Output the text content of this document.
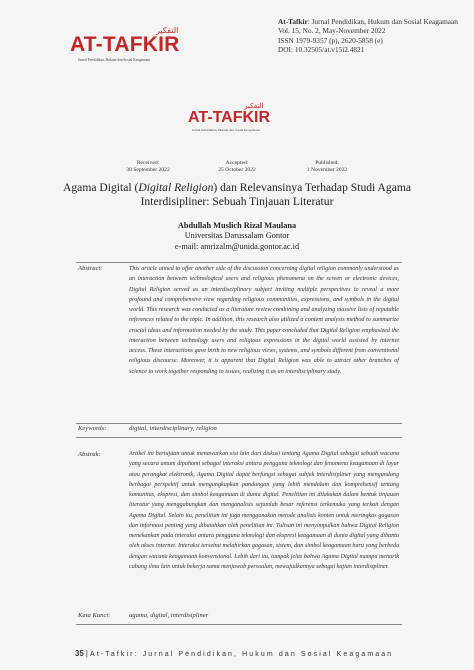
التفكير
AT-TAFKIR
Jurnal Pendidikan, Hukum dan Sosial Keagamaan
At-Tafkir: Jurnal Pendidikan, Hukum dan Sosial Keagamaan
Vol. 15, No. 2, May-November 2022
ISSN 1979-9357 (p), 2620-5858 (e)
DOI: 10.32505/at.v15i2.4821
التفكير
AT-TAFKIR
Jurnal Pendidikan, Hukum dan Sosial Keagamaan
Received:
30 September 2022
Accepted:
25 October 2022
Published:
1 November 2022
Agama Digital (Digital Religion) dan Relevansinya Terhadap Studi Agama Interdisipliner: Sebuah Tinjauan Literatur
Abdullah Muslich Rizal Maulana
Universitas Darussalam Gontor
e-mail: amrizalm@unida.gontor.ac.id
Abstract:	This article aimed to offer another side of the discussion concerning digital religion commonly understood as an interaction between technological users and religious phenomena on the screen or electronic devices, Digital Religion served as an interdisciplinary subject inviting multiple perspectives to reveal a more profound and comprehensive view regarding religious communities, expressions, and symbols in the digital world. This research was conducted as a literature review combining and analyzing massive lists of reputable references related to the topic. In addition, this research also utilized a content analysis method to summarize crucial ideas and information needed by the study. This paper concluded that Digital Religion emphasized the interaction between technology users and religious expressions in the digital world assisted by internet access. These interactions gave birth to new religious views, systems, and symbols different from conventional religious discourse. Moreover, it is apparent that Digital Religion was able to attract other branches of science to work together responding to issues, realizing it as an interdisciplinary study.
Keywords:	digital, interdisciplinary, religion
Abstrak:	Artikel ini bertujuan untuk menawarkan sisi lain dari diskusi tentang Agama Digital sebagai sebuah wacana yang secara umum dipahami sebagai interaksi antara pengguna teknologi dan fenomena keagamaan di layar atau perangkat elektronik, Agama Digital dapat berfungsi sebagai subjek interdisipliner yang mengundang berbagai perspektif untuk mengungkapkan pandangan yang lebih mendalam dan komprehensif tentang komunitas, ekspresi, dan simbol keagamaan di dunia digital. Penelitian ini dilakukan dalam bentuk tinjauan literatur yang menggabungkan dan menganalisis sejumlah besar referensi terkemuka yang terkait dengan Agama Digital. Selain itu, penelitian ini juga menggunakan metode analisis konten untuk meringkas gagasan dan informasi penting yang dibutuhkan oleh penelitian ini. Tulisan ini menyimpulkan bahwa Digital Religion menekankan pada interaksi antara pengguna teknologi dan ekspresi keagamaan di dunia digital yang dibantu oleh akses internet. Interaksi tersebut melahirkan gagasan, sistem, dan simbol keagamaan baru yang berbeda dengan wacana keagamaan konvensional. Lebih dari itu, tampak jelas bahwa Agama Digital mampu menarik cabang ilmu lain untuk bekerja sama menjawab persoalan, mewujudkannya sebagai kajian interdisipliner.
Kata Kunci:	agama, digital, interdisipliner
35 | At-Tafkir: Jurnal Pendidikan, Hukum dan Sosial Keagamaan
